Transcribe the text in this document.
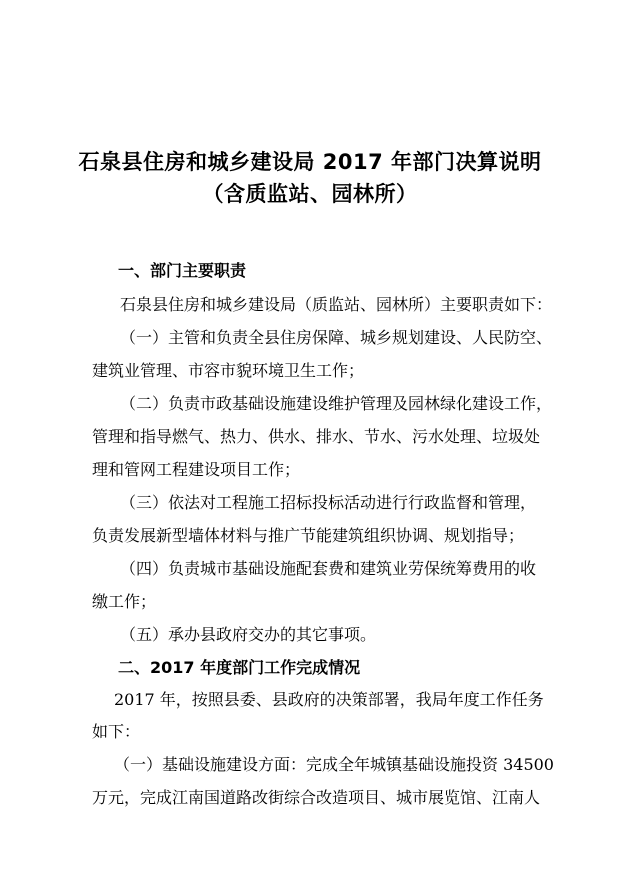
石泉县住房和城乡建设局 2017 年部门决算说明
（含质监站、园林所）
一、部门主要职责
石泉县住房和城乡建设局（质监站、园林所）主要职责如下：
（一）主管和负责全县住房保障、城乡规划建设、人民防空、
建筑业管理、市容市貌环境卫生工作；
（二）负责市政基础设施建设维护管理及园林绿化建设工作，
管理和指导燃气、热力、供水、排水、节水、污水处理、垃圾处
理和管网工程建设项目工作；
（三）依法对工程施工招标投标活动进行行政监督和管理，
负责发展新型墙体材料与推广节能建筑组织协调、规划指导；
（四）负责城市基础设施配套费和建筑业劳保统筹费用的收
缴工作；
（五）承办县政府交办的其它事项。
二、2017 年度部门工作完成情况
2017 年，按照县委、县政府的决策部署，我局年度工作任务
如下：
（一）基础设施建设方面：完成全年城镇基础设施投资 34500
万元，完成江南国道路改街综合改造项目、城市展览馆、江南人
